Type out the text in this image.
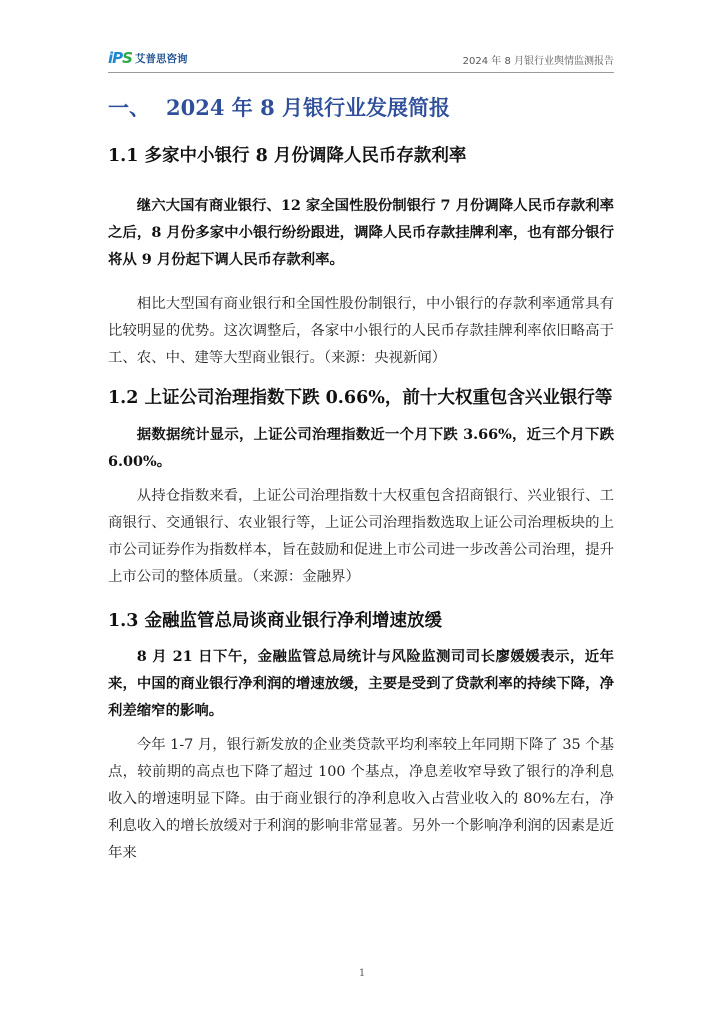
iPS 艾普思咨询	2024 年 8 月银行业舆情监测报告
一、 2024 年 8 月银行业发展简报
1.1 多家中小银行 8 月份调降人民币存款利率

继六大国有商业银行、12 家全国性股份制银行 7 月份调降人民币存款利率之后，8 月份多家中小银行纷纷跟进，调降人民币存款挂牌利率，也有部分银行将从 9 月份起下调人民币存款利率。

相比大型国有商业银行和全国性股份制银行，中小银行的存款利率通常具有比较明显的优势。这次调整后，各家中小银行的人民币存款挂牌利率依旧略高于工、农、中、建等大型商业银行。（来源：央视新闻）

1.2 上证公司治理指数下跌 0.66%，前十大权重包含兴业银行等

据数据统计显示，上证公司治理指数近一个月下跌 3.66%，近三个月下跌 6.00%。

从持仓指数来看，上证公司治理指数十大权重包含招商银行、兴业银行、工商银行、交通银行、农业银行等，上证公司治理指数选取上证公司治理板块的上市公司证券作为指数样本，旨在鼓励和促进上市公司进一步改善公司治理，提升上市公司的整体质量。（来源：金融界）

1.3 金融监管总局谈商业银行净利增速放缓

8 月 21 日下午，金融监管总局统计与风险监测司司长廖媛媛表示，近年来，中国的商业银行净利润的增速放缓，主要是受到了贷款利率的持续下降，净利差缩窄的影响。

今年 1-7 月，银行新发放的企业类贷款平均利率较上年同期下降了 35 个基点，较前期的高点也下降了超过 100 个基点，净息差收窄导致了银行的净利息收入的增速明显下降。由于商业银行的净利息收入占营业收入的 80%左右，净利息收入的增长放缓对于利润的影响非常显著。另外一个影响净利润的因素是近年来

1
